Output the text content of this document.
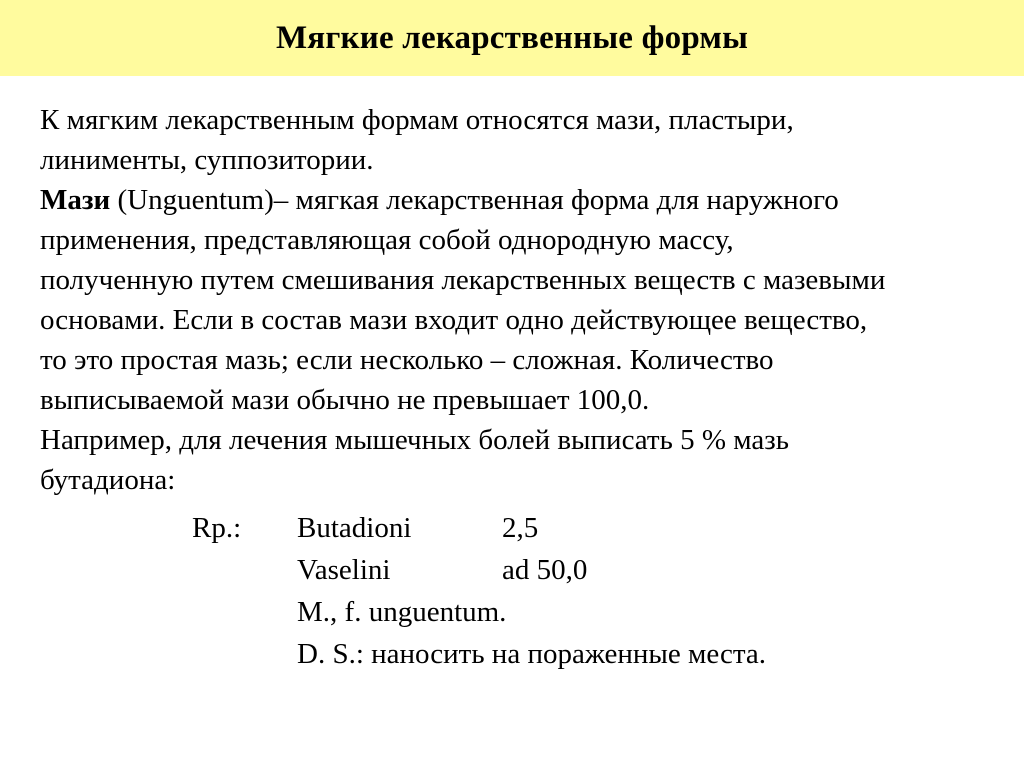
Мягкие лекарственные формы
К мягким лекарственным формам относятся мази, пластыри,
линименты, суппозитории.
Мази (Unguentum)– мягкая лекарственная форма для наружного
применения, представляющая собой однородную массу,
полученную путем смешивания лекарственных веществ с мазевыми
основами. Если в состав мази входит одно действующее вещество,
то это простая мазь; если несколько – сложная. Количество
выписываемой мази обычно не превышает 100,0.
Например, для лечения мышечных болей выписать 5 % мазь
бутадиона:
Rp.: Butadioni	2,5
Vaselini	ad 50,0
M., f. unguentum.
D. S.: наносить на пораженные места.
